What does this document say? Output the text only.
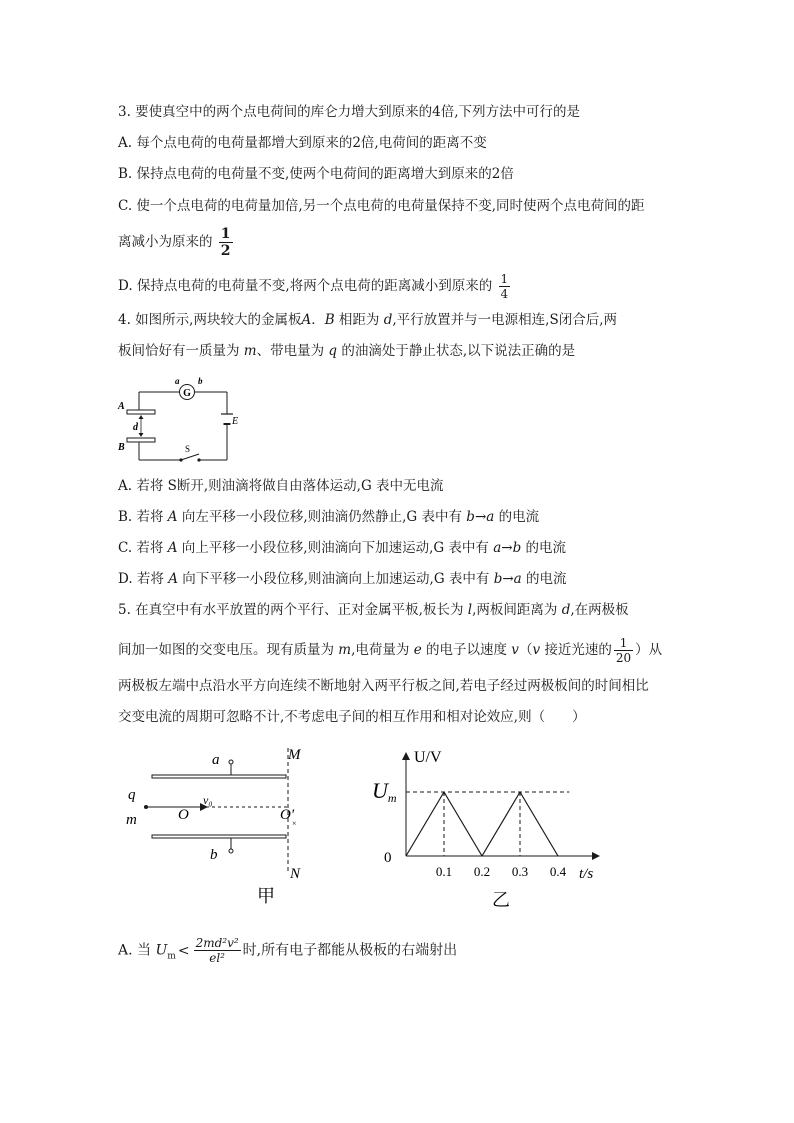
3. 要使真空中的两个点电荷间的库仑力增大到原来的4倍,下列方法中可行的是
A. 每个点电荷的电荷量都增大到原来的2倍,电荷间的距离不变
B. 保持点电荷的电荷量不变,使两个电荷间的距离增大到原来的2倍
C. 使一个点电荷的电荷量加倍,另一个点电荷的电荷量保持不变,同时使两个点电荷间的距
离减小为原来的 $\frac{1}{2}$
D. 保持点电荷的电荷量不变,将两个点电荷的距离减小到原来的 $\frac{1}{4}$
4. 如图所示,两块较大的金属板A．B 相距为 d,平行放置并与一电源相连,S闭合后,两
板间恰好有一质量为 m、带电量为 q 的油滴处于静止状态,以下说法正确的是
G
a b
A
B
d
E
S
A. 若将 S断开,则油滴将做自由落体运动,G 表中无电流
B. 若将 A 向左平移一小段位移,则油滴仍然静止,G 表中有 b→a 的电流
C. 若将 A 向上平移一小段位移,则油滴向下加速运动,G 表中有 a→b 的电流
D. 若将 A 向下平移一小段位移,则油滴向上加速运动,G 表中有 b→a 的电流
5. 在真空中有水平放置的两个平行、正对金属平板,板长为 l,两板间距离为 d,在两极板
间加一如图的交变电压。现有质量为 m,电荷量为 e 的电子以速度 v（v 接近光速的 $\frac{1}{20}$ ）从
两极板左端中点沿水平方向连续不断地射入两平行板之间,若电子经过两极板间的时间相比
交变电流的周期可忽略不计,不考虑电子间的相互作用和相对论效应,则（　　）
a
b
M
N
q
m	O
v₀
O′
×
甲
U/V
t/s
0
Um
0.1 0.2 0.3 0.4
乙
A. 当 $U_m < \frac{\text{2md²v²}}{\text{el²}}$ 时,所有电子都能从极板的右端射出
